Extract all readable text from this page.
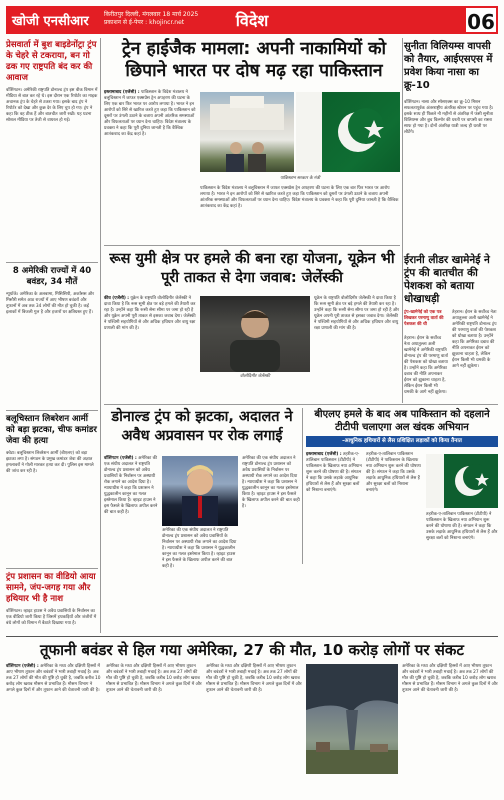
खोजी एनसीआर	किरीतपुर दिल्ली, मंगलवार 18 मार्च 2025
प्रकाशन से ई-पेपर : khojincr.net	विदेश	06
प्रेसवार्ता में बुश बाइडेनोंट्रा ट्रंप के चेहरे से टकराया, बन गो ढक गए राष्ट्रपति बंद कर की आवाज
वॉशिंगटन। अमेरिकी राष्ट्रपति डोनाल्ड ट्रंप इस वीक विमान में मीडिया से बात कर रहे थे। इस दौरान एक रिपोर्टर का माइक अचानक ट्रंप के चेहरे से टकरा गया। इसके बाद ट्रंप ने रिपोर्टर को देखा और कुछ देर के लिए चुप हो गए। ट्रंप ने कहा कि वह ठीक हैं और बातचीत जारी रखी। यह घटना सोशल मीडिया पर तेजी से वायरल हो गई।
8 अमेरिकी राज्यों में 40 बवंडर, 34 मौतें
न्यूयॉर्क। अमेरिका के अलबामा, मिसिसिपी, अर्कांसस और मिसौरी समेत आठ राज्यों में आए भीषण बवंडरों और तूफानों में अब तक 34 लोगों की मौत हो चुकी है। कई इलाकों में बिजली गुल है और हजारों घर क्षतिग्रस्त हुए हैं।
बलूचिस्तान लिबरेशन आर्मी को बड़ा झटका, चीफ कमांडर जेवा की हत्या
क्वेटा। बलूचिस्तान लिबरेशन आर्मी (बीएलए) को बड़ा झटका लगा है। संगठन के प्रमुख कमांडर जेवा की अज्ञात हमलावरों ने गोली मारकर हत्या कर दी। पुलिस इस मामले की जांच कर रही है।
ट्रंप प्रशासन का वीडियो आया सामने, जंप-जगह गया और हथियार भी है नाश
वॉशिंगटन। व्हाइट हाउस ने अवैध प्रवासियों के निर्वासन का एक वीडियो जारी किया है जिसमें हथकड़ियों और जंजीरों में बंधे लोगों को विमान में बैठाते दिखाया गया है।
ट्रेन हाईजैक मामला: अपनी नाकामियों को छिपाने भारत पर दोष मढ़ रहा पाकिस्तान
इस्लामाबाद (एजेंसी) : पाकिस्तान के विदेश मंत्रालय ने बलूचिस्तान में जाफर एक्सप्रेस ट्रेन अपहरण की घटना के लिए एक बार फिर भारत पर आरोप लगाया है। भारत ने इन आरोपों को सिरे से खारिज करते हुए कहा कि पाकिस्तान को दूसरों पर उंगली उठाने के बजाय अपनी आंतरिक समस्याओं और विफलताओं पर ध्यान देना चाहिए। विदेश मंत्रालय के प्रवक्ता ने कहा कि पूरी दुनिया जानती है कि वैश्विक आतंकवाद का केंद्र कहां है।
पाकिस्तान सरकार के मंत्री
पाकिस्तान के विदेश मंत्रालय ने बलूचिस्तान में जाफर एक्सप्रेस ट्रेन अपहरण की घटना के लिए एक बार फिर भारत पर आरोप लगाया है। भारत ने इन आरोपों को सिरे से खारिज करते हुए कहा कि पाकिस्तान को दूसरों पर उंगली उठाने के बजाय अपनी आंतरिक समस्याओं और विफलताओं पर ध्यान देना चाहिए। विदेश मंत्रालय के प्रवक्ता ने कहा कि पूरी दुनिया जानती है कि वैश्विक आतंकवाद का केंद्र कहां है।
सुनीता विलियम्स वापसी को तैयार, आईएसएस में प्रवेश किया नासा का क्रू-10
वॉशिंगटन। नासा और स्पेसएक्स का क्रू-10 मिशन सफलतापूर्वक अंतरराष्ट्रीय अंतरिक्ष स्टेशन पर पहुंच गया है। इसके साथ ही पिछले नौ महीनों से अंतरिक्ष में फंसी सुनीता विलियम्स और बुच विल्मोर की धरती पर वापसी का रास्ता साफ हो गया है। दोनों अंतरिक्ष यात्री जल्द ही धरती पर लौटेंगे।
रूस युमी क्षेत्र पर हमले की बना रहा योजना, यूक्रेन भी पूरी ताकत से देगा जवाब: जेलेंस्की
कीव (एजेंसी) : यूक्रेन के राष्ट्रपति वोलोदिमीर जेलेंस्की ने दावा किया है कि रूस सूमी क्षेत्र पर बड़े हमले की तैयारी कर रहा है। उन्होंने कहा कि रूसी सेना सीमा पर जमा हो रही है और यूक्रेन अपनी पूरी ताकत से इसका जवाब देगा। जेलेंस्की ने पश्चिमी सहयोगियों से और अधिक हथियार और वायु रक्षा प्रणाली की मांग की है।
वोलोदिमीर जेलेंस्की
यूक्रेन के राष्ट्रपति वोलोदिमीर जेलेंस्की ने दावा किया है कि रूस सूमी क्षेत्र पर बड़े हमले की तैयारी कर रहा है। उन्होंने कहा कि रूसी सेना सीमा पर जमा हो रही है और यूक्रेन अपनी पूरी ताकत से इसका जवाब देगा। जेलेंस्की ने पश्चिमी सहयोगियों से और अधिक हथियार और वायु रक्षा प्रणाली की मांग की है।
ईरानी लीडर खामेनेई ने ट्रंप की बातचीत की पेशकश को बताया धोखाधड़ी
ट्रंप-खामेनेई को एक पत्र लिखकर परमाणु वार्ता की पेशकश की थी
तेहरान। ईरान के सर्वोच्च नेता अयातुल्ला अली खामेनेई ने अमेरिकी राष्ट्रपति डोनाल्ड ट्रंप की परमाणु वार्ता की पेशकश को धोखा बताया है। उन्होंने कहा कि अमेरिका दबाव की नीति अपनाकर ईरान को झुकाना चाहता है, लेकिन ईरान किसी भी धमकी के आगे नहीं झुकेगा।
तेहरान। ईरान के सर्वोच्च नेता अयातुल्ला अली खामेनेई ने अमेरिकी राष्ट्रपति डोनाल्ड ट्रंप की परमाणु वार्ता की पेशकश को धोखा बताया है। उन्होंने कहा कि अमेरिका दबाव की नीति अपनाकर ईरान को झुकाना चाहता है, लेकिन ईरान किसी भी धमकी के आगे नहीं झुकेगा।
डोनाल्ड ट्रंप को झटका, अदालत ने अवैध अप्रवासन पर रोक लगाई
वॉशिंगटन (एजेंसी) : अमेरिका की एक संघीय अदालत ने राष्ट्रपति डोनाल्ड ट्रंप प्रशासन को अवैध प्रवासियों के निर्वासन पर अस्थायी रोक लगाने का आदेश दिया है। न्यायाधीश ने कहा कि प्रशासन ने युद्धकालीन कानून का गलत इस्तेमाल किया है। व्हाइट हाउस ने इस फैसले के खिलाफ अपील करने की बात कही है।
अमेरिका की एक संघीय अदालत ने राष्ट्रपति डोनाल्ड ट्रंप प्रशासन को अवैध प्रवासियों के निर्वासन पर अस्थायी रोक लगाने का आदेश दिया है। न्यायाधीश ने कहा कि प्रशासन ने युद्धकालीन कानून का गलत इस्तेमाल किया है। व्हाइट हाउस ने इस फैसले के खिलाफ अपील करने की बात कही है।
अमेरिका की एक संघीय अदालत ने राष्ट्रपति डोनाल्ड ट्रंप प्रशासन को अवैध प्रवासियों के निर्वासन पर अस्थायी रोक लगाने का आदेश दिया है। न्यायाधीश ने कहा कि प्रशासन ने युद्धकालीन कानून का गलत इस्तेमाल किया है। व्हाइट हाउस ने इस फैसले के खिलाफ अपील करने की बात कही है।
बीएलए हमले के बाद अब पाकिस्तान को दहलाने टीटीपी चलाएगा अल खंदक अभियान
-आधुनिक हथियारों से लैस प्रशिक्षित लड़ाकों को किया तैनात
इस्लामाबाद (एजेंसी) : तहरीक-ए-तालिबान पाकिस्तान (टीटीपी) ने पाकिस्तान के खिलाफ नया अभियान शुरू करने की घोषणा की है। संगठन ने कहा कि उसके लड़ाके आधुनिक हथियारों से लैस हैं और सुरक्षा बलों को निशाना बनाएंगे।
तहरीक-ए-तालिबान पाकिस्तान (टीटीपी) ने पाकिस्तान के खिलाफ नया अभियान शुरू करने की घोषणा की है। संगठन ने कहा कि उसके लड़ाके आधुनिक हथियारों से लैस हैं और सुरक्षा बलों को निशाना बनाएंगे।
तहरीक-ए-तालिबान पाकिस्तान (टीटीपी) ने पाकिस्तान के खिलाफ नया अभियान शुरू करने की घोषणा की है। संगठन ने कहा कि उसके लड़ाके आधुनिक हथियारों से लैस हैं और सुरक्षा बलों को निशाना बनाएंगे।
तूफानी बवंडर से हिल गया अमेरिका, 27 की मौत, 10 करोड़ लोगों पर संकट
वॉशिंगटन (एजेंसी) : अमेरिका के मध्य और दक्षिणी हिस्सों में आए भीषण तूफान और बवंडरों ने भारी तबाही मचाई है। अब तक 27 लोगों की मौत की पुष्टि हो चुकी है, जबकि करीब 10 करोड़ लोग खराब मौसम से प्रभावित हैं। मौसम विभाग ने अगले कुछ दिनों में और तूफान आने की चेतावनी जारी की है।
अमेरिका के मध्य और दक्षिणी हिस्सों में आए भीषण तूफान और बवंडरों ने भारी तबाही मचाई है। अब तक 27 लोगों की मौत की पुष्टि हो चुकी है, जबकि करीब 10 करोड़ लोग खराब मौसम से प्रभावित हैं। मौसम विभाग ने अगले कुछ दिनों में और तूफान आने की चेतावनी जारी की है।
अमेरिका के मध्य और दक्षिणी हिस्सों में आए भीषण तूफान और बवंडरों ने भारी तबाही मचाई है। अब तक 27 लोगों की मौत की पुष्टि हो चुकी है, जबकि करीब 10 करोड़ लोग खराब मौसम से प्रभावित हैं। मौसम विभाग ने अगले कुछ दिनों में और तूफान आने की चेतावनी जारी की है।
अमेरिका के मध्य और दक्षिणी हिस्सों में आए भीषण तूफान और बवंडरों ने भारी तबाही मचाई है। अब तक 27 लोगों की मौत की पुष्टि हो चुकी है, जबकि करीब 10 करोड़ लोग खराब मौसम से प्रभावित हैं। मौसम विभाग ने अगले कुछ दिनों में और तूफान आने की चेतावनी जारी की है।
